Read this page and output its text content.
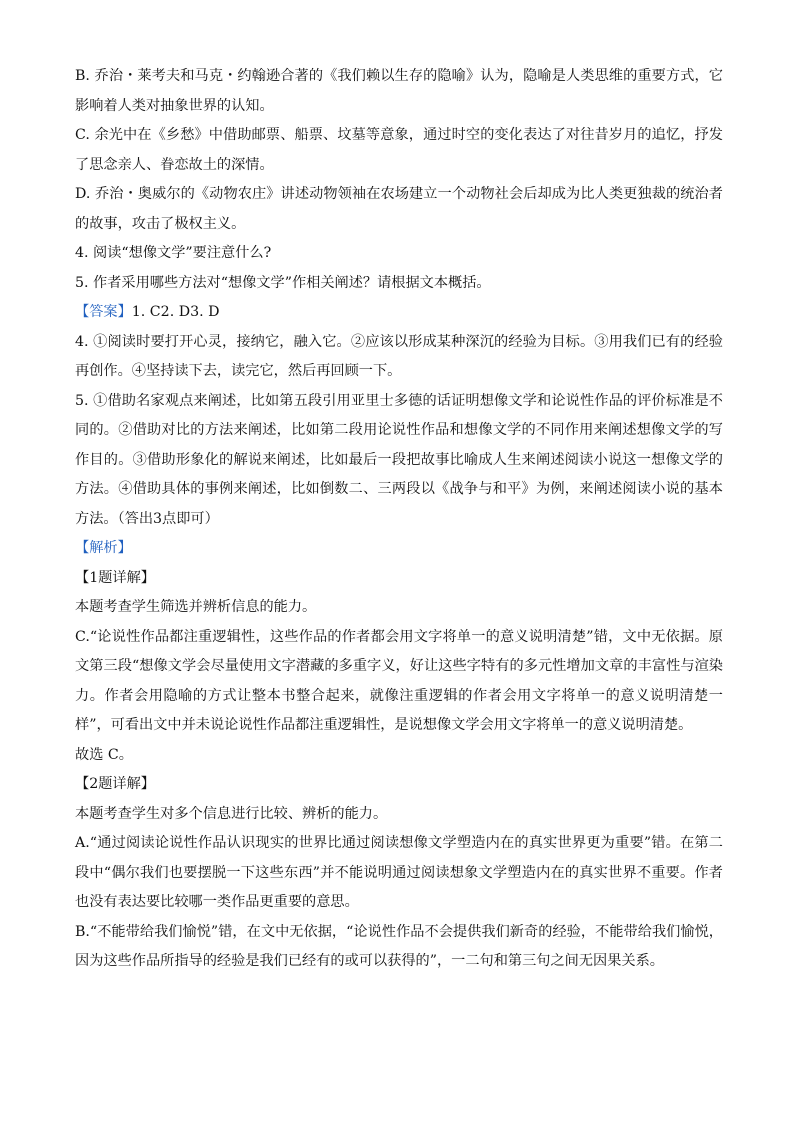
B. 乔治・莱考夫和马克・约翰逊合著的《我们赖以生存的隐喻》认为，隐喻是人类思维的重要方式，它影响着人类对抽象世界的认知。

C. 余光中在《乡愁》中借助邮票、船票、坟墓等意象，通过时空的变化表达了对往昔岁月的追忆，抒发了思念亲人、眷恋故土的深情。

D. 乔治・奥威尔的《动物农庄》讲述动物领袖在农场建立一个动物社会后却成为比人类更独裁的统治者的故事，攻击了极权主义。

4. 阅读“想像文学”要注意什么?

5. 作者采用哪些方法对“想像文学”作相关阐述？请根据文本概括。

【答案】1. C2. D3. D

4. ①阅读时要打开心灵，接纳它，融入它。②应该以形成某种深沉的经验为目标。③用我们已有的经验再创作。④坚持读下去，读完它，然后再回顾一下。

5. ①借助名家观点来阐述，比如第五段引用亚里士多德的话证明想像文学和论说性作品的评价标准是不同的。②借助对比的方法来阐述，比如第二段用论说性作品和想像文学的不同作用来阐述想像文学的写作目的。③借助形象化的解说来阐述，比如最后一段把故事比喻成人生来阐述阅读小说这一想像文学的方法。④借助具体的事例来阐述，比如倒数二、三两段以《战争与和平》为例，来阐述阅读小说的基本方法。（答出3点即可）

【解析】

【1题详解】

本题考查学生筛选并辨析信息的能力。

C.“论说性作品都注重逻辑性，这些作品的作者都会用文字将单一的意义说明清楚”错，文中无依据。原文第三段“想像文学会尽量使用文字潜藏的多重字义，好让这些字特有的多元性增加文章的丰富性与渲染力。作者会用隐喻的方式让整本书整合起来，就像注重逻辑的作者会用文字将单一的意义说明清楚一样”，可看出文中并未说论说性作品都注重逻辑性，是说想像文学会用文字将单一的意义说明清楚。

故选 C。

【2题详解】

本题考查学生对多个信息进行比较、辨析的能力。

A.“通过阅读论说性作品认识现实的世界比通过阅读想像文学塑造内在的真实世界更为重要”错。在第二段中“偶尔我们也要摆脱一下这些东西”并不能说明通过阅读想象文学塑造内在的真实世界不重要。作者也没有表达要比较哪一类作品更重要的意思。

B.“不能带给我们愉悦”错，在文中无依据，“论说性作品不会提供我们新奇的经验，不能带给我们愉悦，因为这些作品所指导的经验是我们已经有的或可以获得的”，一二句和第三句之间无因果关系。
